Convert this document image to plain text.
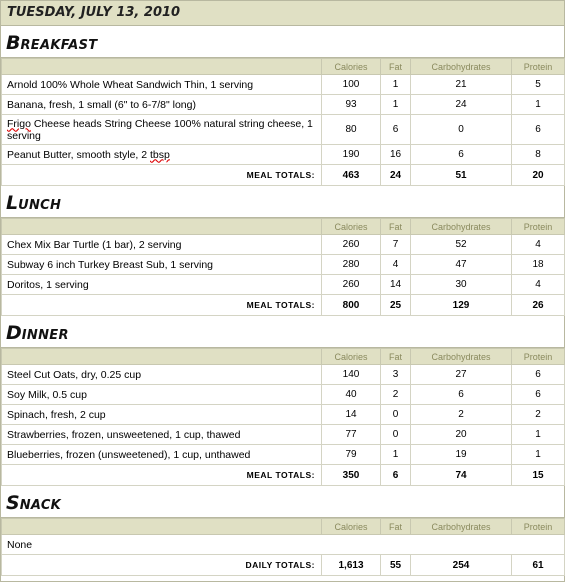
TUESDAY, JULY 13, 2010
BREAKFAST
	Calories	Fat	Carbohydrates	Protein
Arnold 100% Whole Wheat Sandwich Thin, 1 serving	100	1	21	5
Banana, fresh, 1 small (6" to 6-7/8" long)	93	1	24	1
Frigo Cheese heads String Cheese 100% natural string cheese, 1 serving	80	6	0	6
Peanut Butter, smooth style, 2 tbsp	190	16	6	8
MEAL TOTALS:	463	24	51	20
LUNCH
	Calories	Fat	Carbohydrates	Protein
Chex Mix Bar Turtle (1 bar), 2 serving	260	7	52	4
Subway 6 inch Turkey Breast Sub, 1 serving	280	4	47	18
Doritos, 1 serving	260	14	30	4
MEAL TOTALS:	800	25	129	26
DINNER
	Calories	Fat	Carbohydrates	Protein
Steel Cut Oats, dry, 0.25 cup	140	3	27	6
Soy Milk, 0.5 cup	40	2	6	6
Spinach, fresh, 2 cup	14	0	2	2
Strawberries, frozen, unsweetened, 1 cup, thawed	77	0	20	1
Blueberries, frozen (unsweetened), 1 cup, unthawed	79	1	19	1
MEAL TOTALS:	350	6	74	15
SNACK
	Calories	Fat	Carbohydrates	Protein
None				
DAILY TOTALS:	1,613	55	254	61
